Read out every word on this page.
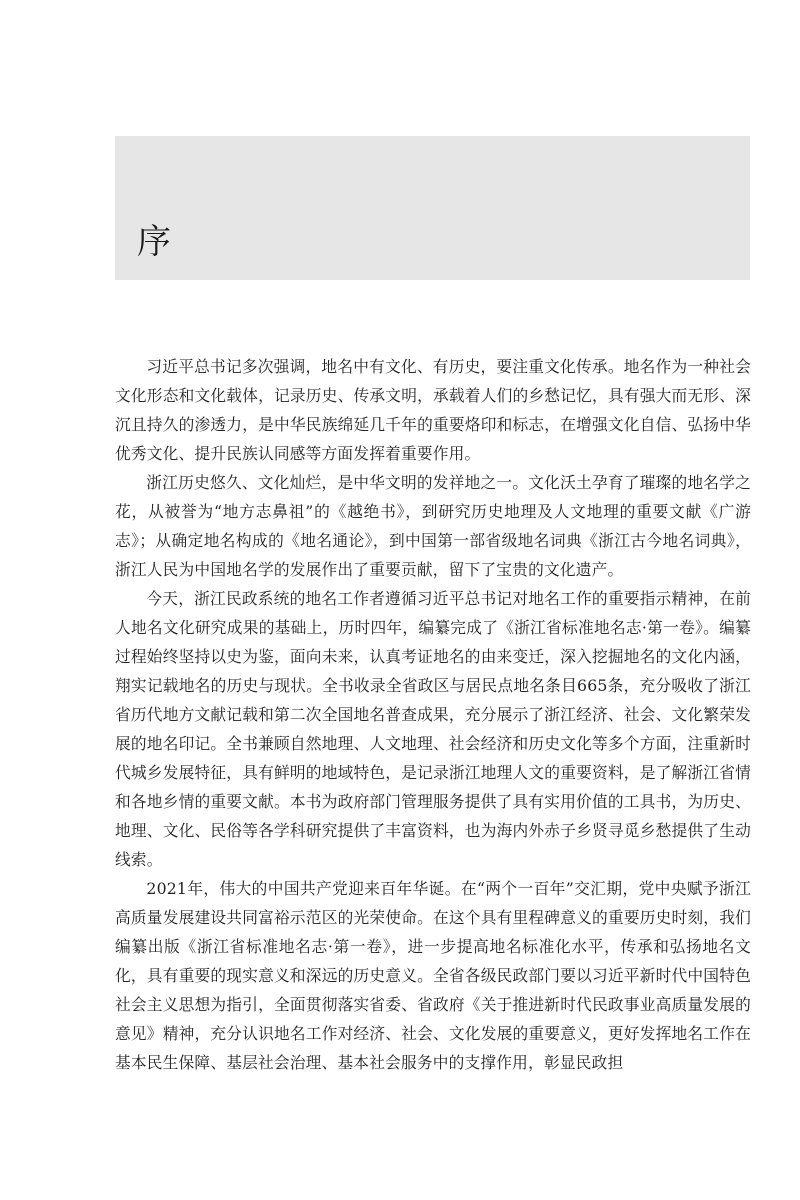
序

习近平总书记多次强调，地名中有文化、有历史，要注重文化传承。地名作为一种社会文化形态和文化载体，记录历史、传承文明，承载着人们的乡愁记忆，具有强大而无形、深沉且持久的渗透力，是中华民族绵延几千年的重要烙印和标志，在增强文化自信、弘扬中华优秀文化、提升民族认同感等方面发挥着重要作用。

浙江历史悠久、文化灿烂，是中华文明的发祥地之一。文化沃土孕育了璀璨的地名学之花，从被誉为“地方志鼻祖”的《越绝书》，到研究历史地理及人文地理的重要文献《广游志》；从确定地名构成的《地名通论》，到中国第一部省级地名词典《浙江古今地名词典》，浙江人民为中国地名学的发展作出了重要贡献，留下了宝贵的文化遗产。

今天，浙江民政系统的地名工作者遵循习近平总书记对地名工作的重要指示精神，在前人地名文化研究成果的基础上，历时四年，编纂完成了《浙江省标准地名志·第一卷》。编纂过程始终坚持以史为鉴，面向未来，认真考证地名的由来变迁，深入挖掘地名的文化内涵，翔实记载地名的历史与现状。全书收录全省政区与居民点地名条目665条，充分吸收了浙江省历代地方文献记载和第二次全国地名普查成果，充分展示了浙江经济、社会、文化繁荣发展的地名印记。全书兼顾自然地理、人文地理、社会经济和历史文化等多个方面，注重新时代城乡发展特征，具有鲜明的地域特色，是记录浙江地理人文的重要资料，是了解浙江省情和各地乡情的重要文献。本书为政府部门管理服务提供了具有实用价值的工具书，为历史、地理、文化、民俗等各学科研究提供了丰富资料，也为海内外赤子乡贤寻觅乡愁提供了生动线索。

2021年，伟大的中国共产党迎来百年华诞。在“两个一百年”交汇期，党中央赋予浙江高质量发展建设共同富裕示范区的光荣使命。在这个具有里程碑意义的重要历史时刻，我们编纂出版《浙江省标准地名志·第一卷》，进一步提高地名标准化水平，传承和弘扬地名文化，具有重要的现实意义和深远的历史意义。全省各级民政部门要以习近平新时代中国特色社会主义思想为指引，全面贯彻落实省委、省政府《关于推进新时代民政事业高质量发展的意见》精神，充分认识地名工作对经济、社会、文化发展的重要意义，更好发挥地名工作在基本民生保障、基层社会治理、基本社会服务中的支撑作用，彰显民政担
